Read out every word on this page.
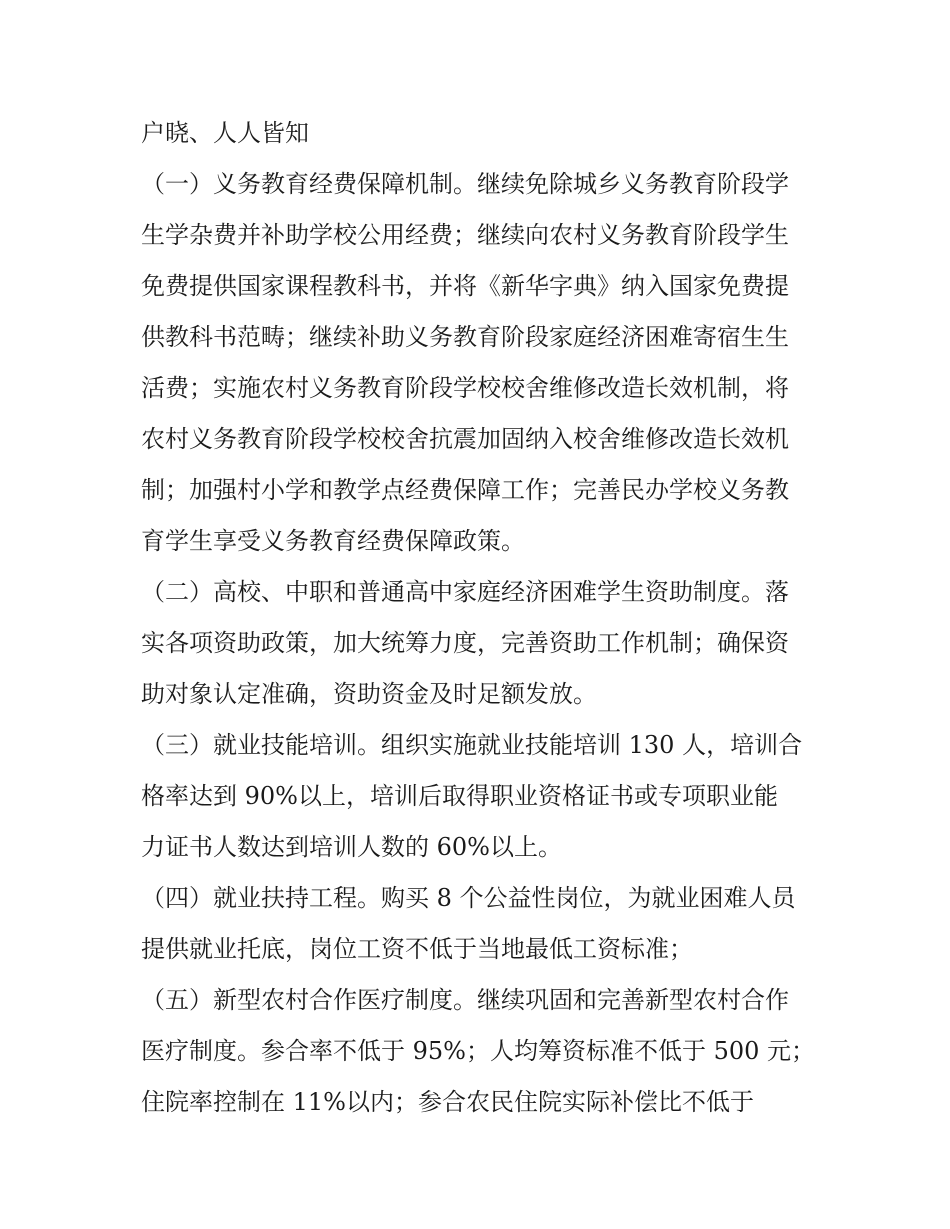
户晓、人人皆知
（一）义务教育经费保障机制。继续免除城乡义务教育阶段学
生学杂费并补助学校公用经费；继续向农村义务教育阶段学生
免费提供国家课程教科书，并将《新华字典》纳入国家免费提
供教科书范畴；继续补助义务教育阶段家庭经济困难寄宿生生
活费；实施农村义务教育阶段学校校舍维修改造长效机制，将
农村义务教育阶段学校校舍抗震加固纳入校舍维修改造长效机
制；加强村小学和教学点经费保障工作；完善民办学校义务教
育学生享受义务教育经费保障政策。
（二）高校、中职和普通高中家庭经济困难学生资助制度。落
实各项资助政策，加大统筹力度，完善资助工作机制；确保资
助对象认定准确，资助资金及时足额发放。
（三）就业技能培训。组织实施就业技能培训 130 人，培训合
格率达到 90%以上，培训后取得职业资格证书或专项职业能
力证书人数达到培训人数的 60%以上。
（四）就业扶持工程。购买 8 个公益性岗位，为就业困难人员
提供就业托底，岗位工资不低于当地最低工资标准；
（五）新型农村合作医疗制度。继续巩固和完善新型农村合作
医疗制度。参合率不低于 95%；人均筹资标准不低于 500 元；
住院率控制在 11%以内；参合农民住院实际补偿比不低于
